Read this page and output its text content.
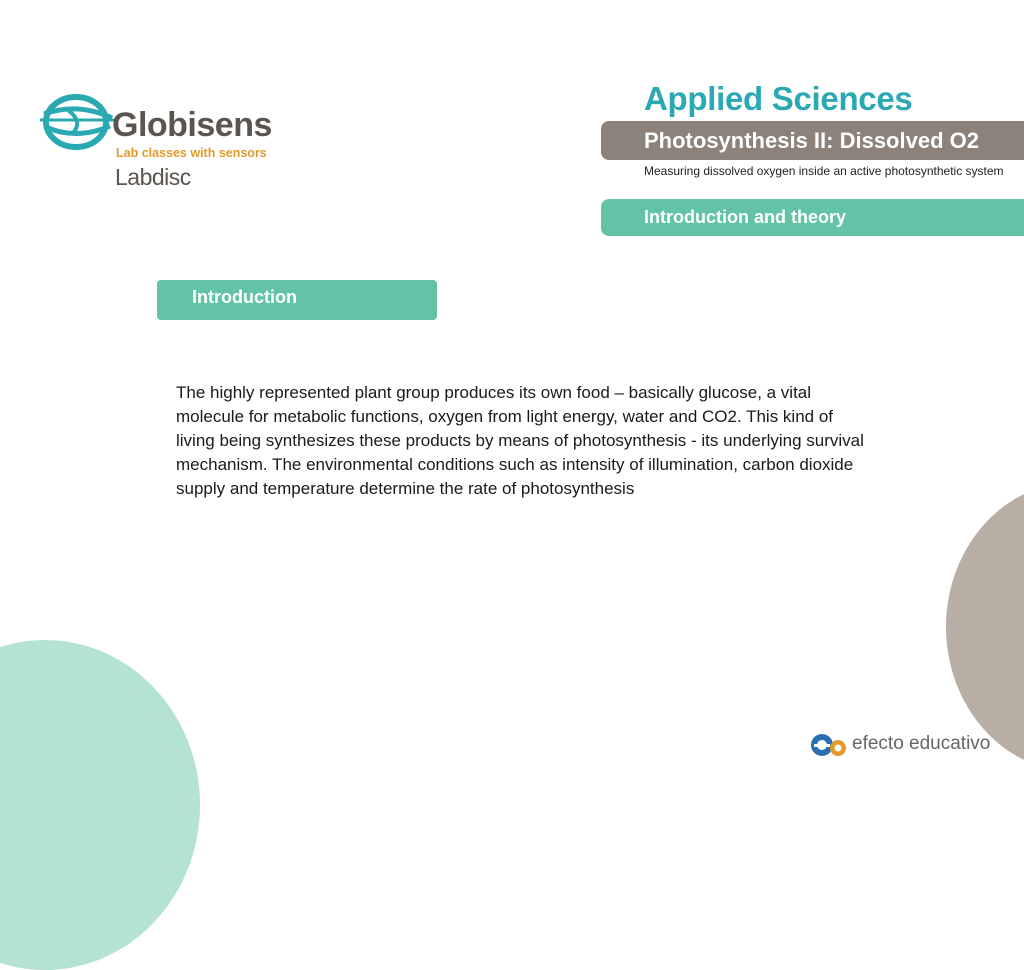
Globisens
Lab classes with sensors
Labdisc
Applied Sciences
Photosynthesis II: Dissolved O2
Measuring dissolved oxygen inside an active photosynthetic system
Introduction and theory
Introduction
The highly represented plant group produces its own food – basically glucose, a vital molecule for metabolic functions, oxygen from light energy, water and CO2. This kind of living being synthesizes these products by means of photosynthesis - its underlying survival mechanism. The environmental conditions such as intensity of illumination, carbon dioxide supply and temperature determine the rate of photosynthesis
efecto educativo
